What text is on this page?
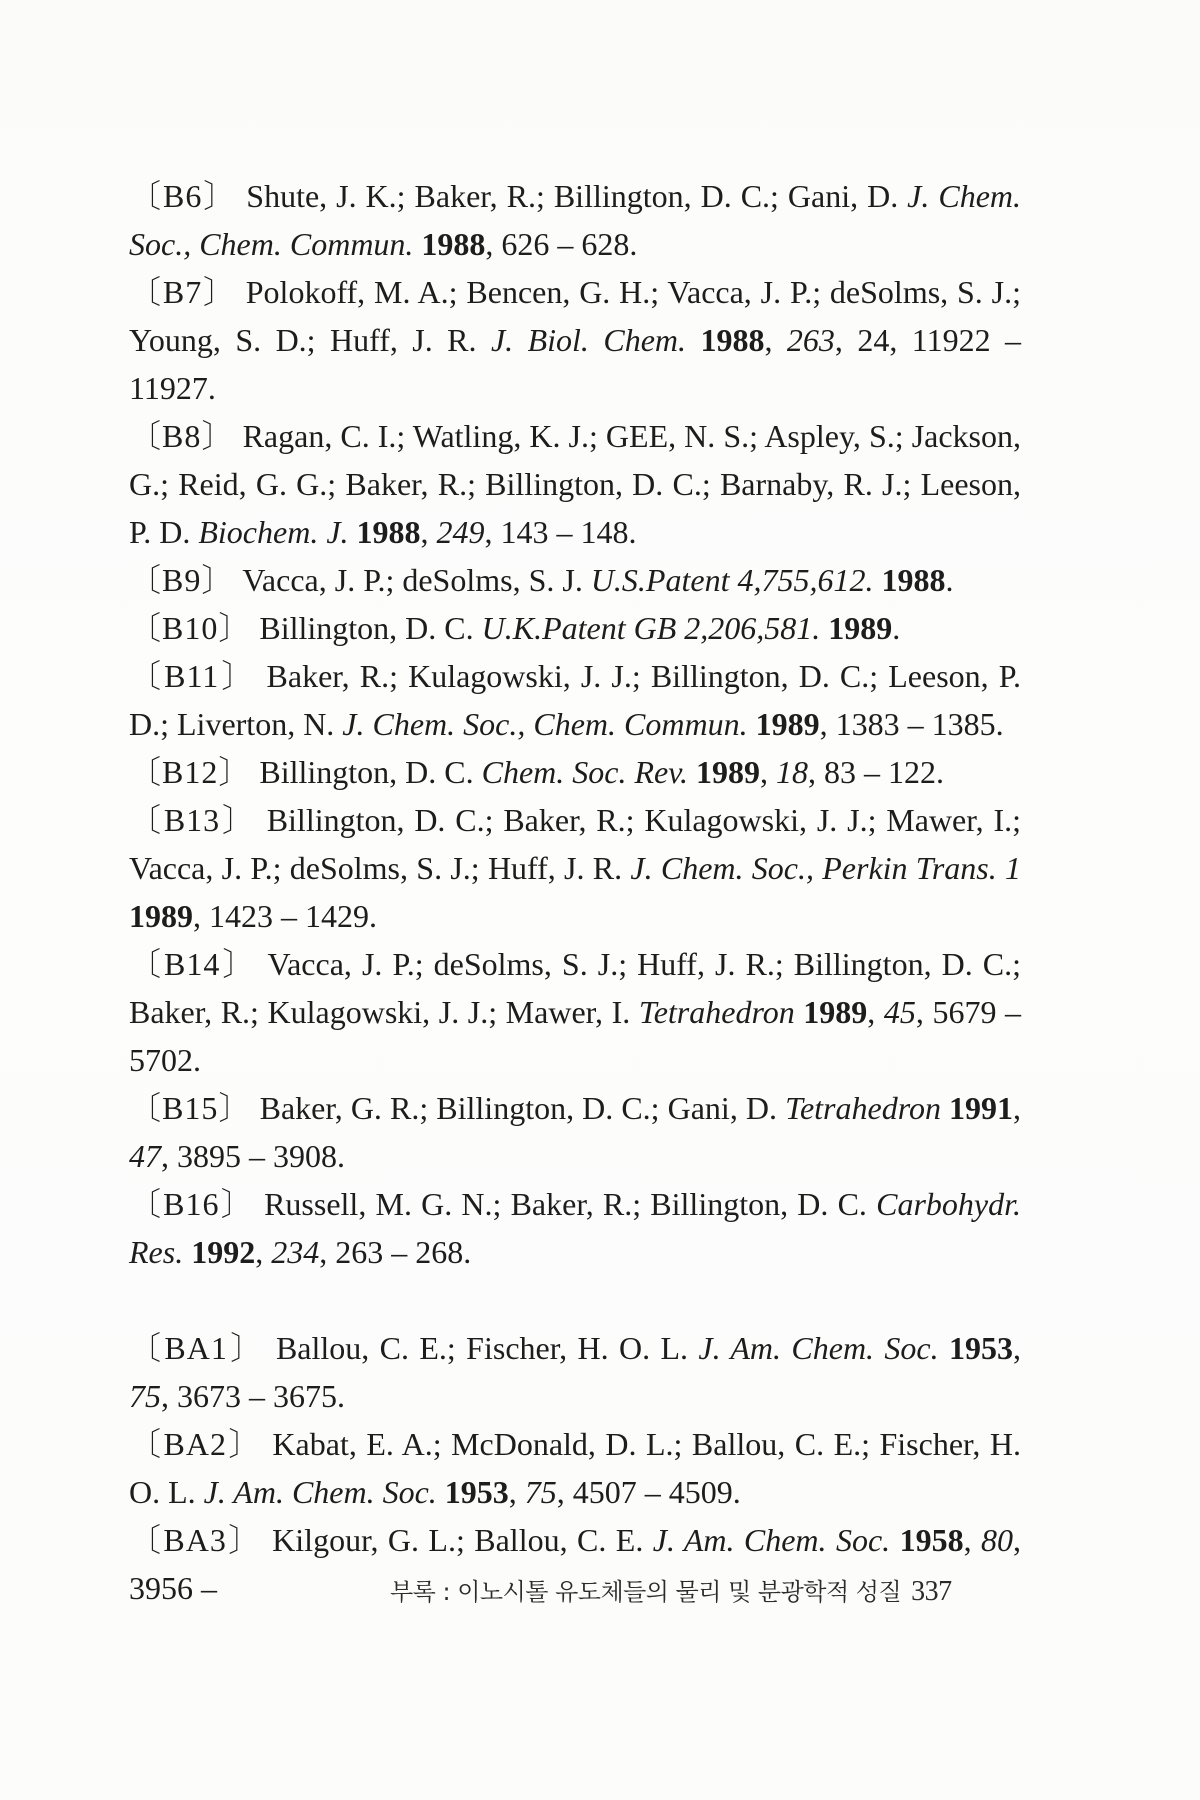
〔B6〕 Shute, J. K.; Baker, R.; Billington, D. C.; Gani, D. J. Chem. Soc., Chem. Commun. 1988, 626 – 628.

〔B7〕 Polokoff, M. A.; Bencen, G. H.; Vacca, J. P.; deSolms, S. J.; Young, S. D.; Huff, J. R. J. Biol. Chem. 1988, 263, 24, 11922 – 11927.

〔B8〕 Ragan, C. I.; Watling, K. J.; GEE, N. S.; Aspley, S.; Jackson, G.; Reid, G. G.; Baker, R.; Billington, D. C.; Barnaby, R. J.; Leeson, P. D. Biochem. J. 1988, 249, 143 – 148.

〔B9〕 Vacca, J. P.; deSolms, S. J. U.S.Patent 4,755,612. 1988.

〔B10〕 Billington, D. C. U.K.Patent GB 2,206,581. 1989.

〔B11〕 Baker, R.; Kulagowski, J. J.; Billington, D. C.; Leeson, P. D.; Liverton, N. J. Chem. Soc., Chem. Commun. 1989, 1383 – 1385.

〔B12〕 Billington, D. C. Chem. Soc. Rev. 1989, 18, 83 – 122.

〔B13〕 Billington, D. C.; Baker, R.; Kulagowski, J. J.; Mawer, I.; Vacca, J. P.; deSolms, S. J.; Huff, J. R. J. Chem. Soc., Perkin Trans. 1 1989, 1423 – 1429.

〔B14〕 Vacca, J. P.; deSolms, S. J.; Huff, J. R.; Billington, D. C.; Baker, R.; Kulagowski, J. J.; Mawer, I. Tetrahedron 1989, 45, 5679 – 5702.

〔B15〕 Baker, G. R.; Billington, D. C.; Gani, D. Tetrahedron 1991, 47, 3895 – 3908.

〔B16〕 Russell, M. G. N.; Baker, R.; Billington, D. C. Carbohydr. Res. 1992, 234, 263 – 268.

〔BA1〕 Ballou, C. E.; Fischer, H. O. L. J. Am. Chem. Soc. 1953, 75, 3673 – 3675.

〔BA2〕 Kabat, E. A.; McDonald, D. L.; Ballou, C. E.; Fischer, H. O. L. J. Am. Chem. Soc. 1953, 75, 4507 – 4509.

〔BA3〕 Kilgour, G. L.; Ballou, C. E. J. Am. Chem. Soc. 1958, 80, 3956 –	부록 : 이노시톨 유도체들의 물리 및 분광학적 성질 337
